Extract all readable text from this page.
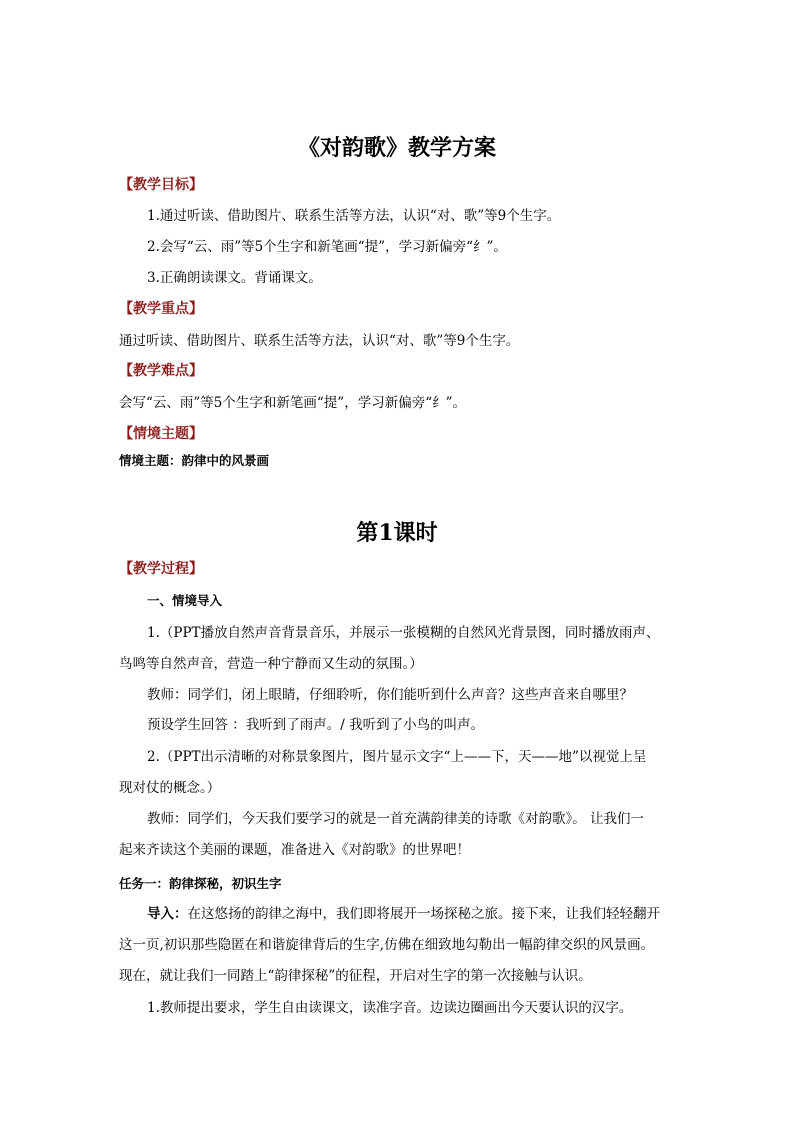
《对韵歌》教学方案
【教学目标】
1.通过听读、借助图片、联系生活等方法，认识“对、歌”等9个生字。
2.会写“云、雨”等5个生字和新笔画“提”，学习新偏旁“纟”。
3.正确朗读课文。背诵课文。
【教学重点】
通过听读、借助图片、联系生活等方法，认识“对、歌”等9个生字。
【教学难点】
会写“云、雨”等5个生字和新笔画“提”，学习新偏旁“纟”。
【情境主题】
情境主题：韵律中的风景画
第1课时
【教学过程】
一、情境导入
1.（PPT播放自然声音背景音乐，并展示一张模糊的自然风光背景图，同时播放雨声、
鸟鸣等自然声音，营造一种宁静而又生动的氛围。）
教师：同学们，闭上眼睛，仔细聆听，你们能听到什么声音？这些声音来自哪里？
预设学生回答 ：我听到了雨声。/ 我听到了小鸟的叫声。
2.（PPT出示清晰的对称景象图片，图片显示文字“上——下，天——地”以视觉上呈
现对仗的概念。）
教师：同学们，今天我们要学习的就是一首充满韵律美的诗歌《对韵歌》。 让我们一
起来齐读这个美丽的课题，准备进入《对韵歌》的世界吧！
任务一：韵律探秘，初识生字
导入：在这悠扬的韵律之海中，我们即将展开一场探秘之旅。接下来，让我们轻轻翻开
这一页,初识那些隐匿在和谐旋律背后的生字,仿佛在细致地勾勒出一幅韵律交织的风景画。
现在，就让我们一同踏上“韵律探秘”的征程，开启对生字的第一次接触与认识。
1.教师提出要求，学生自由读课文，读准字音。边读边圈画出今天要认识的汉字。
